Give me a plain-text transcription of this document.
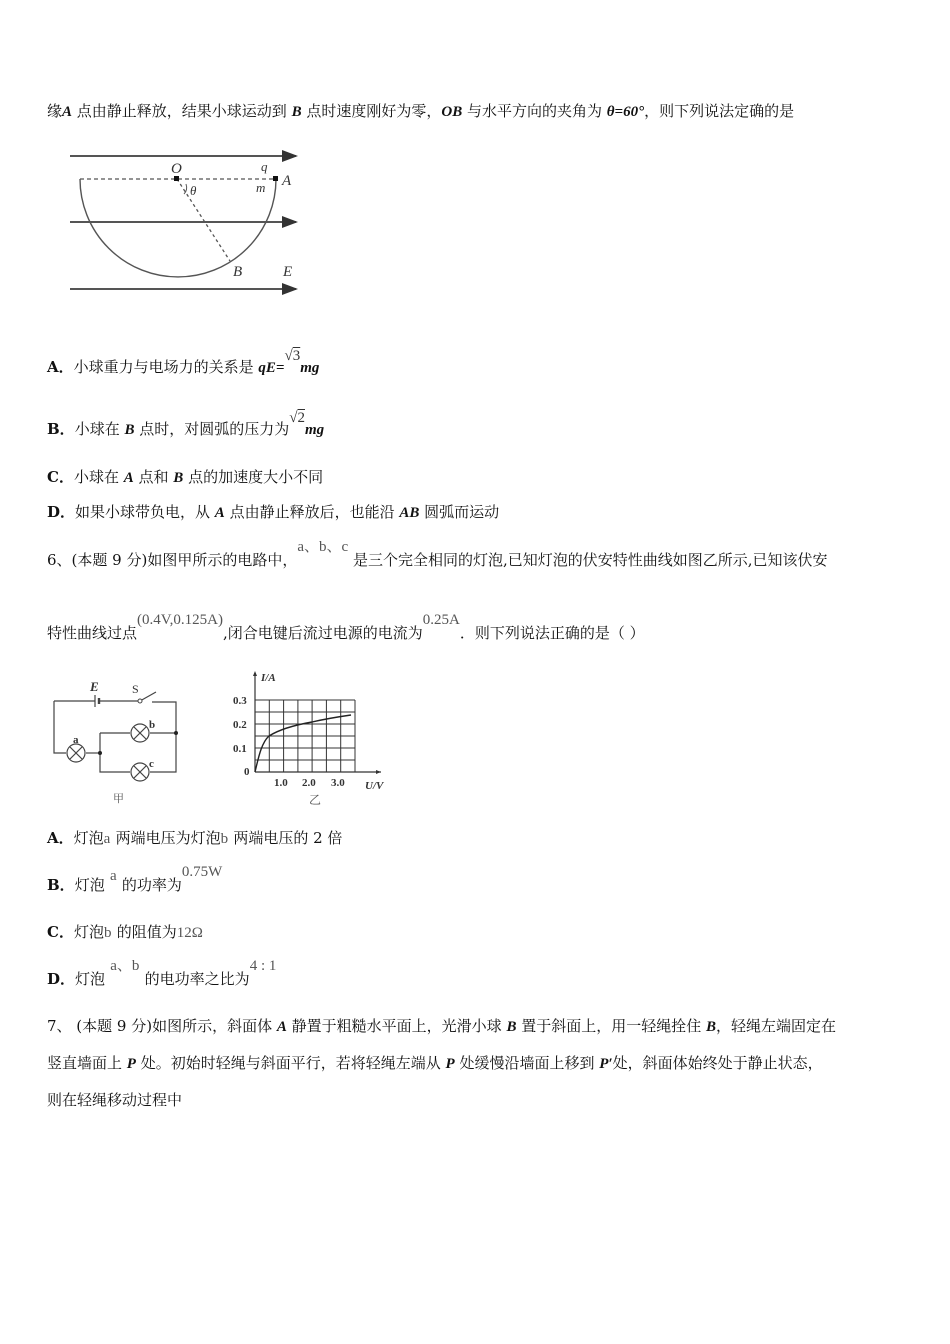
缘A 点由静止释放，结果小球运动到 B 点时速度刚好为零，OB 与水平方向的夹角为 θ=60°，则下列说法定确的是
O	q
m A
θ
B	E
A．小球重力与电场力的关系是 qE=√3mg
B．小球在 B 点时，对圆弧的压力为√2mg
C．小球在 A 点和 B 点的加速度大小不同
D．如果小球带负电，从 A 点由静止释放后，也能沿 AB 圆弧而运动
6、(本题 9 分)如图甲所示的电路中，a、b、c 是三个完全相同的灯泡,已知灯泡的伏安特性曲线如图乙所示,已知该伏安
特性曲线过点(0.4V,0.125A),闭合电键后流过电源的电流为0.25A．则下列说法正确的是（ ）
E	S
a
b
c
甲
I/A
0.3
0.2
0.1
0
1.0 2.0 3.0 U/V
乙
A．灯泡a 两端电压为灯泡b 两端电压的 2 倍
B．灯泡 a 的功率为0.75W
C．灯泡b 的阻值为12Ω
D．灯泡 a、b 的电功率之比为4 : 1
7、 (本题 9 分)如图所示，斜面体 A 静置于粗糙水平面上，光滑小球 B 置于斜面上，用一轻绳拴住 B，轻绳左端固定在
竖直墙面上 P 处。初始时轻绳与斜面平行，若将轻绳左端从 P 处缓慢沿墙面上移到 P′处，斜面体始终处于静止状态，
则在轻绳移动过程中
